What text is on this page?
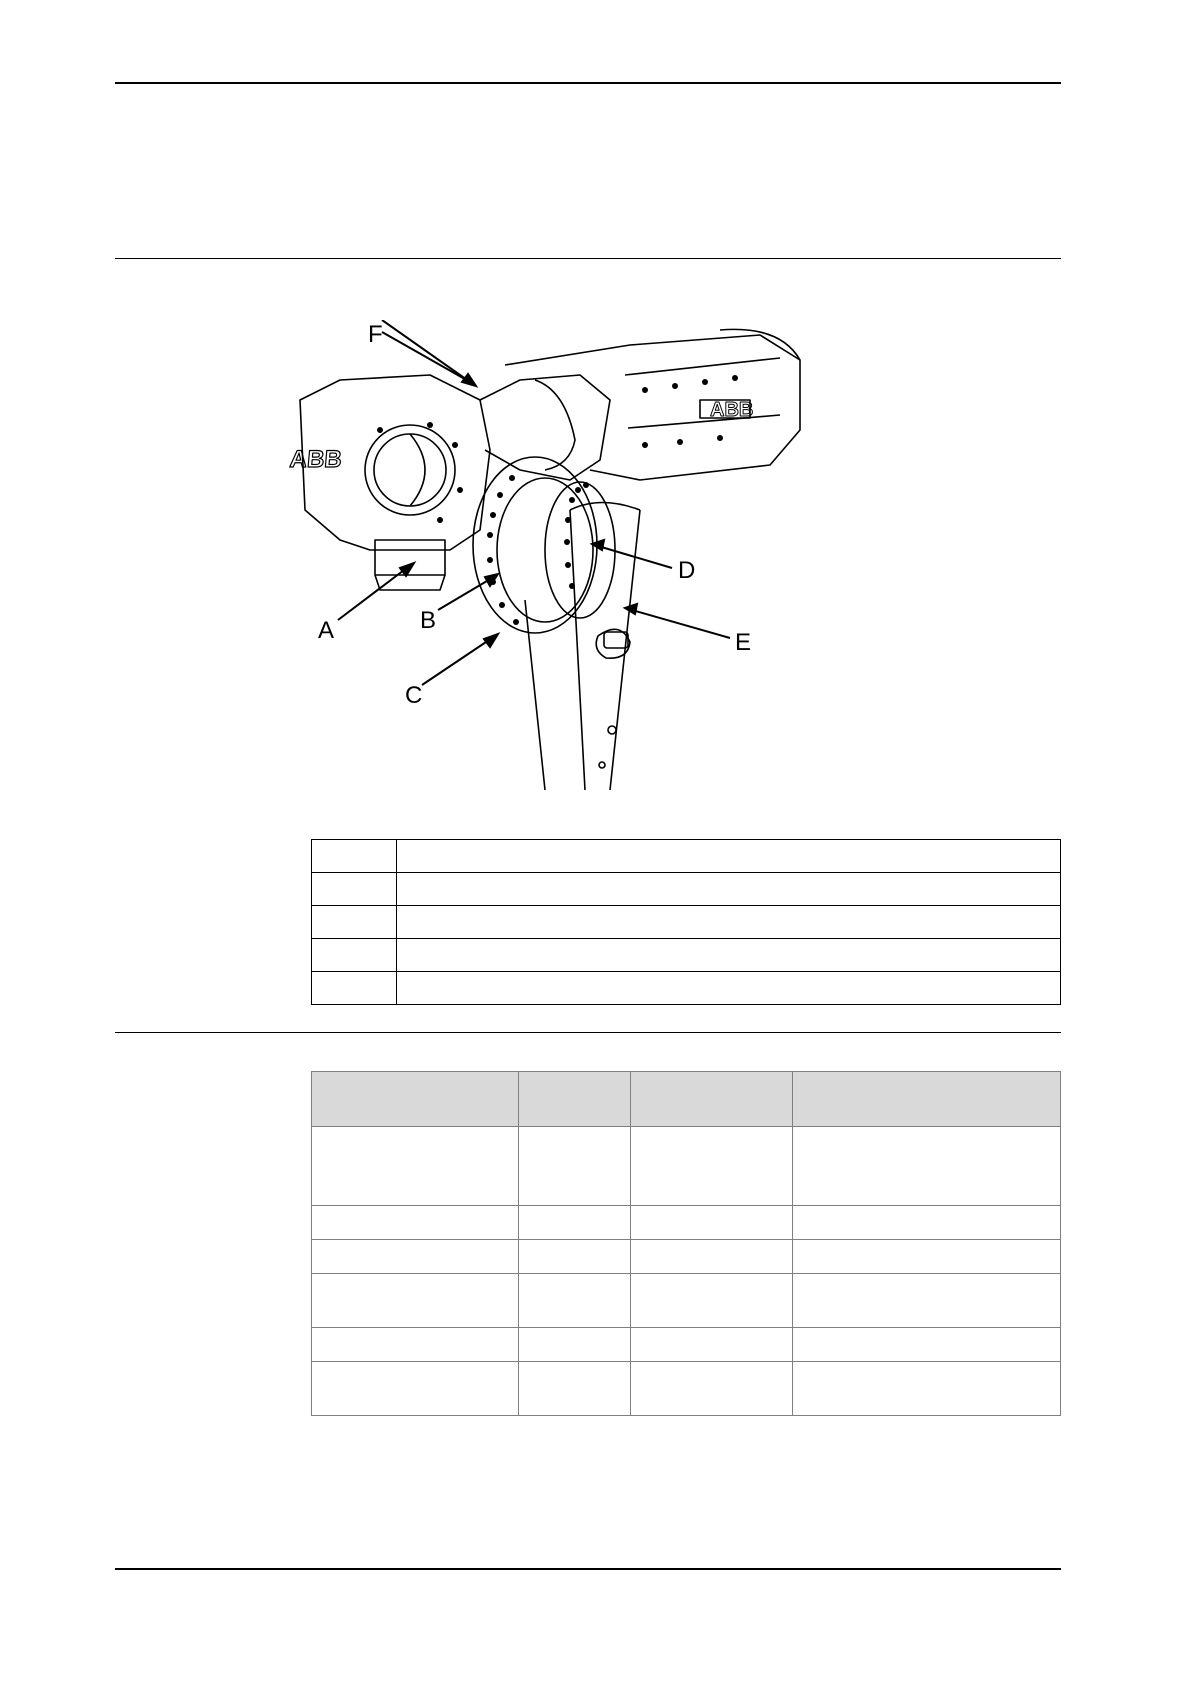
ABB
ABB
F
A	B
C
D
E
